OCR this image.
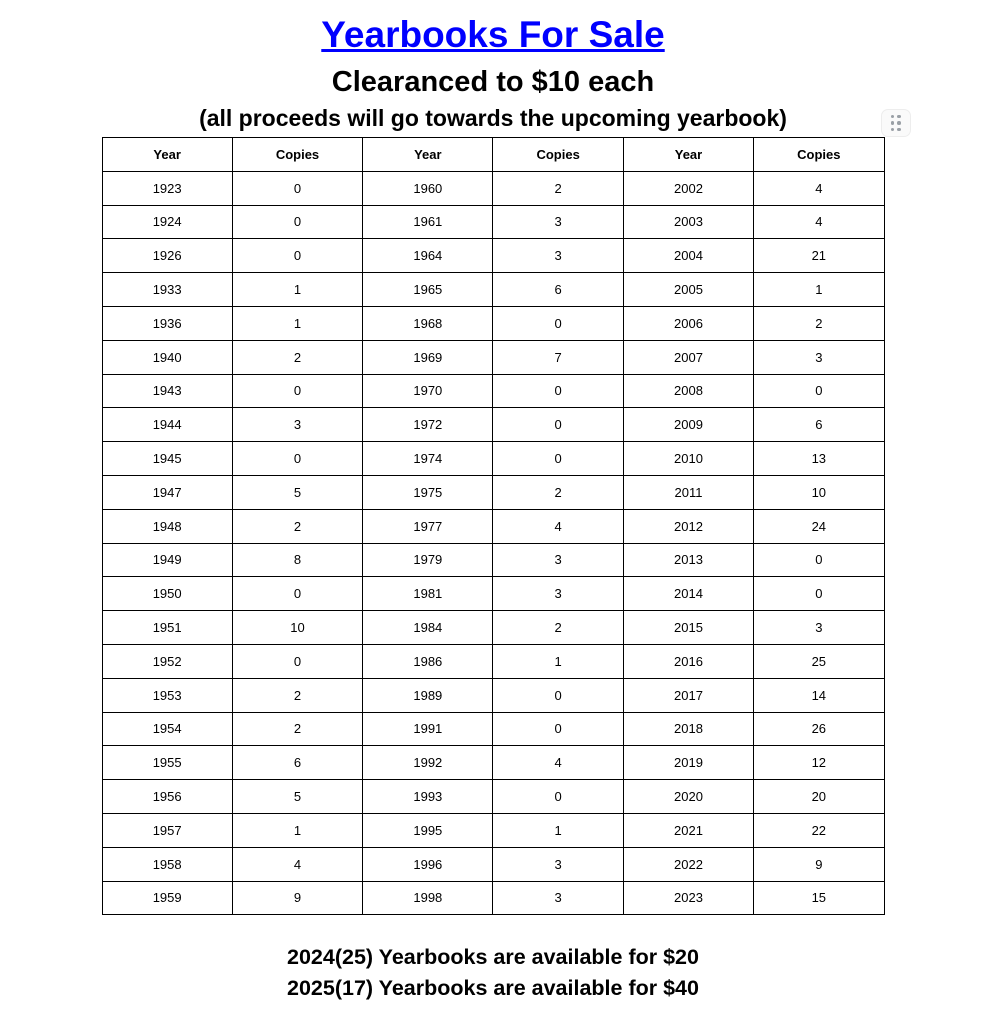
Yearbooks For Sale
Clearanced to $10 each
(all proceeds will go towards the upcoming yearbook)
Year	Copies	Year	Copies	Year	Copies
1923	0	1960	2	2002	4
1924	0	1961	3	2003	4
1926	0	1964	3	2004	21
1933	1	1965	6	2005	1
1936	1	1968	0	2006	2
1940	2	1969	7	2007	3
1943	0	1970	0	2008	0
1944	3	1972	0	2009	6
1945	0	1974	0	2010	13
1947	5	1975	2	2011	10
1948	2	1977	4	2012	24
1949	8	1979	3	2013	0
1950	0	1981	3	2014	0
1951	10	1984	2	2015	3
1952	0	1986	1	2016	25
1953	2	1989	0	2017	14
1954	2	1991	0	2018	26
1955	6	1992	4	2019	12
1956	5	1993	0	2020	20
1957	1	1995	1	2021	22
1958	4	1996	3	2022	9
1959	9	1998	3	2023	15

2024(25) Yearbooks are available for $20

2025(17) Yearbooks are available for $40
